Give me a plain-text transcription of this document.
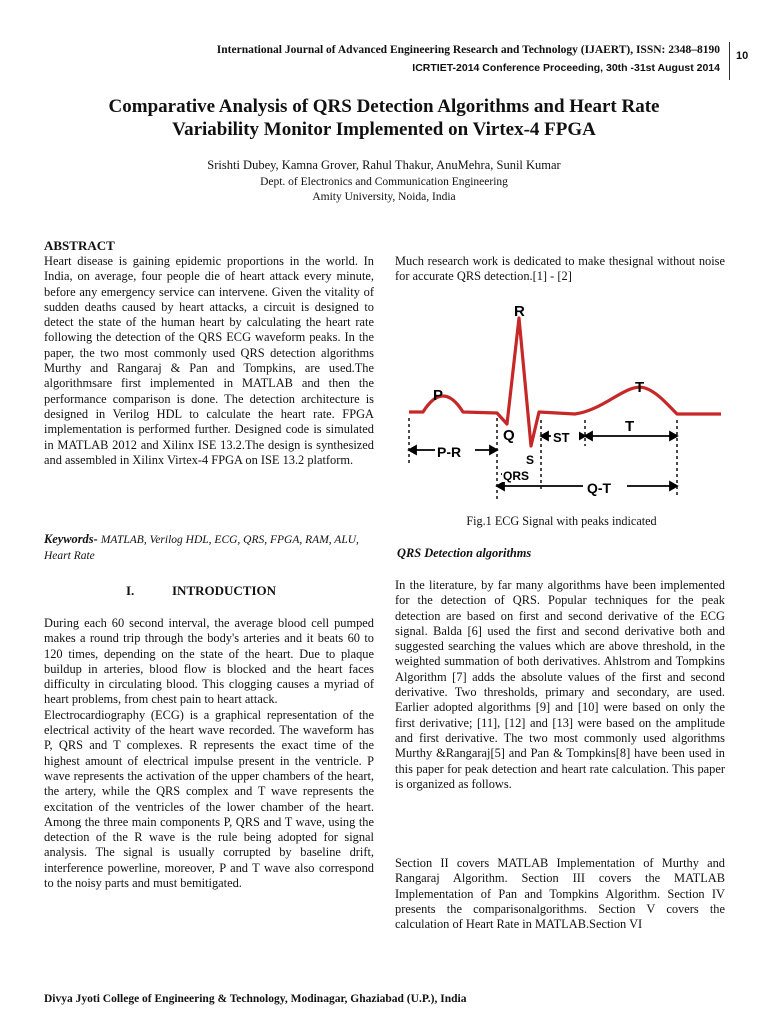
International Journal of Advanced Engineering Research and Technology (IJAERT), ISSN: 2348–8190
ICRTIET-2014 Conference Proceeding, 30th -31st August 2014
10
Comparative Analysis of QRS Detection Algorithms and Heart Rate
Variability Monitor Implemented on Virtex-4 FPGA
Srishti Dubey, Kamna Grover, Rahul Thakur, AnuMehra, Sunil Kumar
Dept. of Electronics and Communication Engineering
Amity University, Noida, India
ABSTRACT

Heart disease is gaining epidemic proportions in the world. In India, on average, four people die of heart attack every minute, before any emergency service can intervene. Given the vitality of sudden deaths caused by heart attacks, a circuit is designed to detect the state of the human heart by calculating the heart rate following the detection of the QRS ECG waveform peaks. In the paper, the two most commonly used QRS detection algorithms Murthy and Rangaraj & Pan and Tompkins, are used.The algorithmsare first implemented in MATLAB and then the performance comparison is done. The detection architecture is designed in Verilog HDL to calculate the heart rate. FPGA implementation is performed further. Designed code is simulated in MATLAB 2012 and Xilinx ISE 13.2.The design is synthesized and assembled in Xilinx Virtex-4 FPGA on ISE 13.2 platform.

Keywords- MATLAB, Verilog HDL, ECG, QRS, FPGA, RAM, ALU, Heart Rate
I.	INTRODUCTION

During each 60 second interval, the average blood cell pumped makes a round trip through the body's arteries and it beats 60 to 120 times, depending on the state of the heart. Due to plaque buildup in arteries, blood flow is blocked and the heart faces difficulty in circulating blood. This clogging causes a myriad of heart problems, from chest pain to heart attack.

Electrocardiography (ECG) is a graphical representation of the electrical activity of the heart wave recorded. The waveform has P, QRS and T complexes. R represents the exact time of the highest amount of electrical impulse present in the ventricle. P wave represents the activation of the upper chambers of the heart, the artery, while the QRS complex and T wave represents the excitation of the ventricles of the lower chamber of the heart. Among the three main components P, QRS and T wave, using the detection of the R wave is the rule being adopted for signal analysis. The signal is usually corrupted by baseline drift, interference powerline, moreover, P and T wave also correspond to the noisy parts and must bemitigated.

Much research work is dedicated to make thesignal without noise for accurate QRS detection.[1] - [2]

R
P
Q
S
T
P-R
ST
T
QRS
Q-T
Fig.1 ECG Signal with peaks indicated
QRS Detection algorithms

In the literature, by far many algorithms have been implemented for the detection of QRS. Popular techniques for the peak detection are based on first and second derivative of the ECG signal. Balda [6] used the first and second derivative both and suggested searching the values which are above threshold, in the weighted summation of both derivatives. Ahlstrom and Tompkins Algorithm [7] adds the absolute values of the first and second derivative. Two thresholds, primary and secondary, are used. Earlier adopted algorithms [9] and [10] were based on only the first derivative; [11], [12] and [13] were based on the amplitude and first derivative. The two most commonly used algorithms Murthy &Rangaraj[5] and Pan & Tompkins[8] have been used in this paper for peak detection and heart rate calculation. This paper is organized as follows.

Section II covers MATLAB Implementation of Murthy and Rangaraj Algorithm. Section III covers the MATLAB Implementation of Pan and Tompkins Algorithm. Section IV presents the comparisonalgorithms. Section V covers the calculation of Heart Rate in MATLAB.Section VI

Divya Jyoti College of Engineering & Technology, Modinagar, Ghaziabad (U.P.), India
